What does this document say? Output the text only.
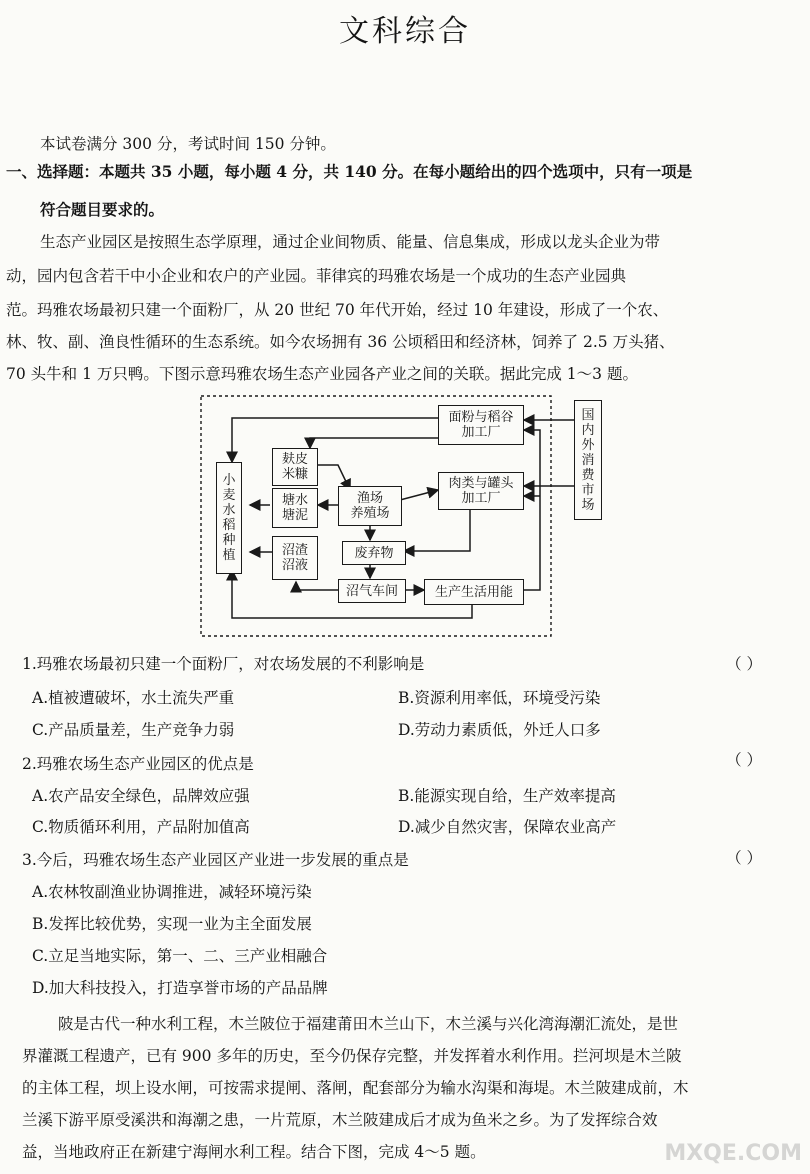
文科综合
本试卷满分 300 分，考试时间 150 分钟。
一、选择题：本题共 35 小题，每小题 4 分，共 140 分。在每小题给出的四个选项中，只有一项是
符合题目要求的。
生态产业园区是按照生态学原理，通过企业间物质、能量、信息集成，形成以龙头企业为带
动，园内包含若干中小企业和农户的产业园。菲律宾的玛雅农场是一个成功的生态产业园典
范。玛雅农场最初只建一个面粉厂，从 20 世纪 70 年代开始，经过 10 年建设，形成了一个农、
林、牧、副、渔良性循环的生态系统。如今农场拥有 36 公顷稻田和经济林，饲养了 2.5 万头猪、
70 头牛和 1 万只鸭。下图示意玛雅农场生态产业园各产业之间的关联。据此完成 1～3 题。
小
麦
水
稻
种
植
面粉与稻谷
加工厂
国
内
外
消
费
市
场
麸皮
米糠
塘水
塘泥
渔场
养殖场
肉类与罐头
加工厂
沼渣
沼液
废弃物
沼气车间	生产生活用能
1.玛雅农场最初只建一个面粉厂，对农场发展的不利影响是	（ ）
A.植被遭破坏，水土流失严重	B.资源利用率低，环境受污染
C.产品质量差，生产竞争力弱	D.劳动力素质低，外迁人口多
2.玛雅农场生态产业园区的优点是	（ ）
A.农产品安全绿色，品牌效应强	B.能源实现自给，生产效率提高
C.物质循环利用，产品附加值高	D.减少自然灾害，保障农业高产
3.今后，玛雅农场生态产业园区产业进一步发展的重点是	（ ）
A.农林牧副渔业协调推进，减轻环境污染
B.发挥比较优势，实现一业为主全面发展
C.立足当地实际，第一、二、三产业相融合
D.加大科技投入，打造享誉市场的产品品牌
陂是古代一种水利工程，木兰陂位于福建莆田木兰山下，木兰溪与兴化湾海潮汇流处，是世
界灌溉工程遗产，已有 900 多年的历史，至今仍保存完整，并发挥着水利作用。拦河坝是木兰陂
的主体工程，坝上设水闸，可按需求提闸、落闸，配套部分为输水沟渠和海堤。木兰陂建成前，木
兰溪下游平原受溪洪和海潮之患，一片荒原，木兰陂建成后才成为鱼米之乡。为了发挥综合效
益，当地政府正在新建宁海闸水利工程。结合下图，完成 4～5 题。	MXQE.COM
